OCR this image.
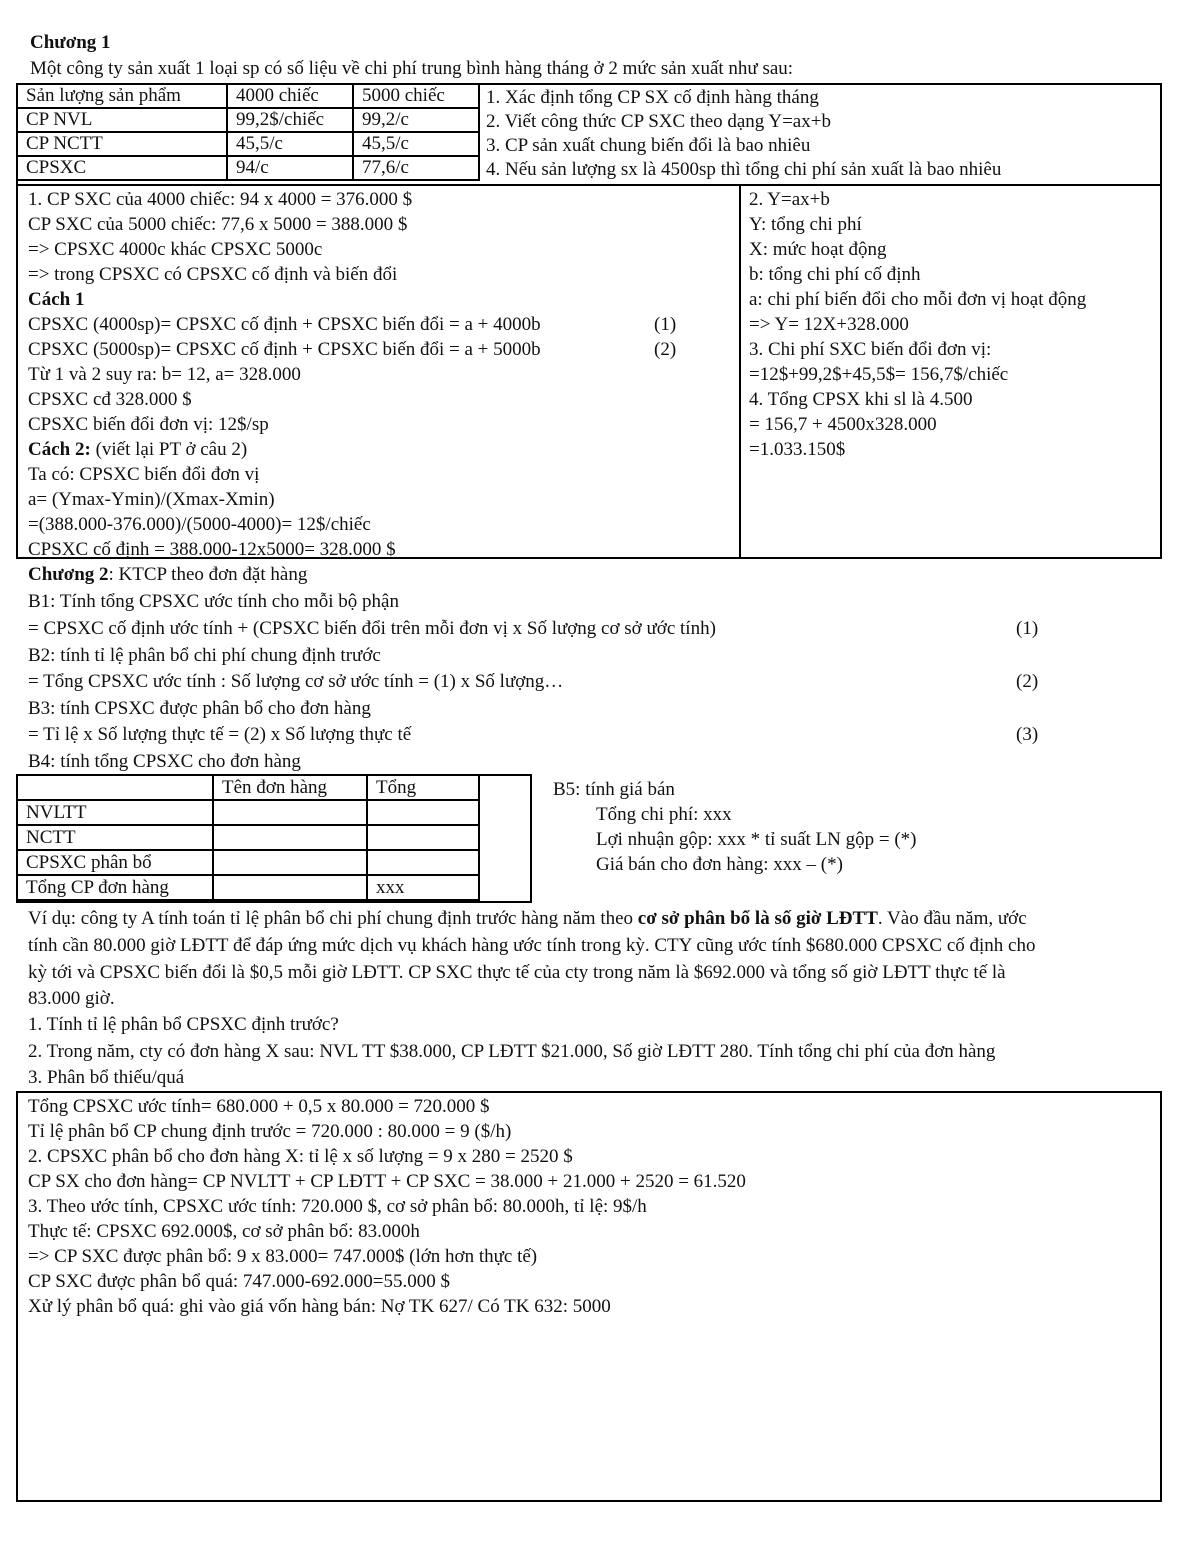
Chương 1
Một công ty sản xuất 1 loại sp có số liệu về chi phí trung bình hàng tháng ở 2 mức sản xuất như sau:
Sản lượng sản phẩm	4000 chiếc	5000 chiếc
CP NVL	99,2$/chiếc	99,2/c
CP NCTT	45,5/c	45,5/c
CPSXC	94/c	77,6/c
1. Xác định tổng CP SX cố định hàng tháng
2. Viết công thức CP SXC theo dạng Y=ax+b
3. CP sản xuất chung biến đổi là bao nhiêu
4. Nếu sản lượng sx là 4500sp thì tổng chi phí sản xuất là bao nhiêu
1. CP SXC của 4000 chiếc: 94 x 4000 = 376.000 $
CP SXC của 5000 chiếc: 77,6 x 5000 = 388.000 $
=> CPSXC 4000c khác CPSXC 5000c
=> trong CPSXC có CPSXC cố định và biến đổi
Cách 1
CPSXC (4000sp)= CPSXC cố định + CPSXC biến đổi = a + 4000b	(1)
CPSXC (5000sp)= CPSXC cố định + CPSXC biến đổi = a + 5000b	(2)
Từ 1 và 2 suy ra: b= 12, a= 328.000
CPSXC cđ 328.000 $
CPSXC biến đổi đơn vị: 12$/sp
Cách 2: (viết lại PT ở câu 2)
Ta có: CPSXC biến đổi đơn vị
a= (Ymax-Ymin)/(Xmax-Xmin)
=(388.000-376.000)/(5000-4000)= 12$/chiếc
CPSXC cố định = 388.000-12x5000= 328.000 $
2. Y=ax+b
Y: tổng chi phí
X: mức hoạt động
b: tổng chi phí cố định
a: chi phí biến đổi cho mỗi đơn vị hoạt động
=> Y= 12X+328.000
3. Chi phí SXC biến đổi đơn vị:
=12$+99,2$+45,5$= 156,7$/chiếc
4. Tổng CPSX khi sl là 4.500
= 156,7 + 4500x328.000
=1.033.150$
Chương 2: KTCP theo đơn đặt hàng
B1: Tính tổng CPSXC ước tính cho mỗi bộ phận
= CPSXC cố định ước tính + (CPSXC biến đổi trên mỗi đơn vị x Số lượng cơ sở ước tính)	(1)
B2: tính tỉ lệ phân bổ chi phí chung định trước
= Tổng CPSXC ước tính : Số lượng cơ sở ước tính = (1) x Số lượng…	(2)
B3: tính CPSXC được phân bổ cho đơn hàng
= Tỉ lệ x Số lượng thực tế = (2) x Số lượng thực tế	(3)
B4: tính tổng CPSXC cho đơn hàng
	Tên đơn hàng	Tổng
NVLTT		
NCTT		
CPSXC phân bổ		
Tổng CP đơn hàng		xxx
B5: tính giá bán
Tổng chi phí: xxx
Lợi nhuận gộp: xxx * tỉ suất LN gộp = (*)
Giá bán cho đơn hàng: xxx – (*)
Ví dụ: công ty A tính toán tỉ lệ phân bổ chi phí chung định trước hàng năm theo cơ sở phân bổ là số giờ LĐTT. Vào đầu năm, ước
tính cần 80.000 giờ LĐTT để đáp ứng mức dịch vụ khách hàng ước tính trong kỳ. CTY cũng ước tính $680.000 CPSXC cố định cho
kỳ tới và CPSXC biến đổi là $0,5 mỗi giờ LĐTT. CP SXC thực tế của cty trong năm là $692.000 và tổng số giờ LĐTT thực tế là
83.000 giờ.
1. Tính tỉ lệ phân bổ CPSXC định trước?
2. Trong năm, cty có đơn hàng X sau: NVL TT $38.000, CP LĐTT $21.000, Số giờ LĐTT 280. Tính tổng chi phí của đơn hàng
3. Phân bổ thiếu/quá
Tổng CPSXC ước tính= 680.000 + 0,5 x 80.000 = 720.000 $
Tỉ lệ phân bổ CP chung định trước = 720.000 : 80.000 = 9 ($/h)
2. CPSXC phân bổ cho đơn hàng X: tỉ lệ x số lượng = 9 x 280 = 2520 $
CP SX cho đơn hàng= CP NVLTT + CP LĐTT + CP SXC = 38.000 + 21.000 + 2520 = 61.520
3. Theo ước tính, CPSXC ước tính: 720.000 $, cơ sở phân bổ: 80.000h, tỉ lệ: 9$/h
Thực tế: CPSXC 692.000$, cơ sở phân bổ: 83.000h
=> CP SXC được phân bổ: 9 x 83.000= 747.000$ (lớn hơn thực tế)
CP SXC được phân bổ quá: 747.000-692.000=55.000 $
Xử lý phân bổ quá: ghi vào giá vốn hàng bán: Nợ TK 627/ Có TK 632: 5000
